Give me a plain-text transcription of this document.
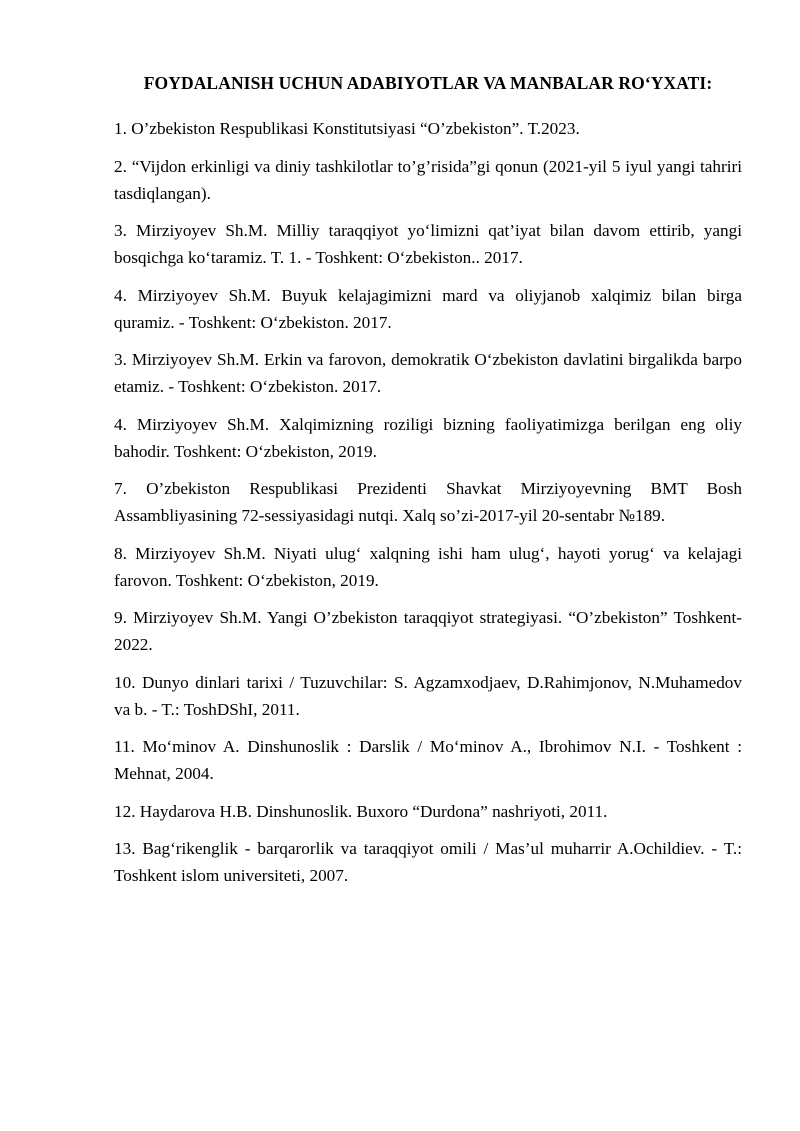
FOYDALANISH UCHUN ADABIYOTLAR VA MANBALAR RO‘YXATI:
1. O’zbekiston Respublikasi Konstitutsiyasi “O’zbekiston”. T.2023.
2. “Vijdon erkinligi va diniy tashkilotlar to’g’risida”gi qonun (2021-yil 5 iyul yangi tahriri tasdiqlangan).
3. Mirziyoyev Sh.M. Milliy taraqqiyot yo‘limizni qat’iyat bilan davom ettirib, yangi bosqichga ko‘taramiz. T. 1. - Toshkent: O‘zbekiston.. 2017.
4. Mirziyoyev Sh.M. Buyuk kelajagimizni mard va oliyjanob xalqimiz bilan birga quramiz. - Toshkent: O‘zbekiston. 2017.
3. Mirziyoyev Sh.M. Erkin va farovon, demokratik O‘zbekiston davlatini birgalikda barpo etamiz. - Toshkent: O‘zbekiston. 2017.
4. Mirziyoyev Sh.M. Xalqimizning roziligi bizning faoliyatimizga berilgan eng oliy bahodir. Toshkent: O‘zbekiston, 2019.
7. O’zbekiston Respublikasi Prezidenti Shavkat Mirziyoyevning BMT Bosh Assambliyasining 72-sessiyasidagi nutqi. Xalq so’zi-2017-yil 20-sentabr №189.
8. Mirziyoyev Sh.M. Niyati ulug‘ xalqning ishi ham ulug‘, hayoti yorug‘ va kelajagi farovon. Toshkent: O‘zbekiston, 2019.
9. Mirziyoyev Sh.M. Yangi O’zbekiston taraqqiyot strategiyasi. “O’zbekiston” Toshkent-2022.
10. Dunyo dinlari tarixi / Tuzuvchilar: S. Agzamxodjaev, D.Rahimjonov, N.Muhamedov va b. - T.: ToshDShI, 2011.
11. Mo‘minov A. Dinshunoslik : Darslik / Mo‘minov A., Ibrohimov N.I. - Toshkent : Mehnat, 2004.
12. Haydarova H.B. Dinshunoslik. Buxoro “Durdona” nashriyoti, 2011.
13. Bag‘rikenglik - barqarorlik va taraqqiyot omili / Mas’ul muharrir A.Ochildiev. - T.: Toshkent islom universiteti, 2007.
